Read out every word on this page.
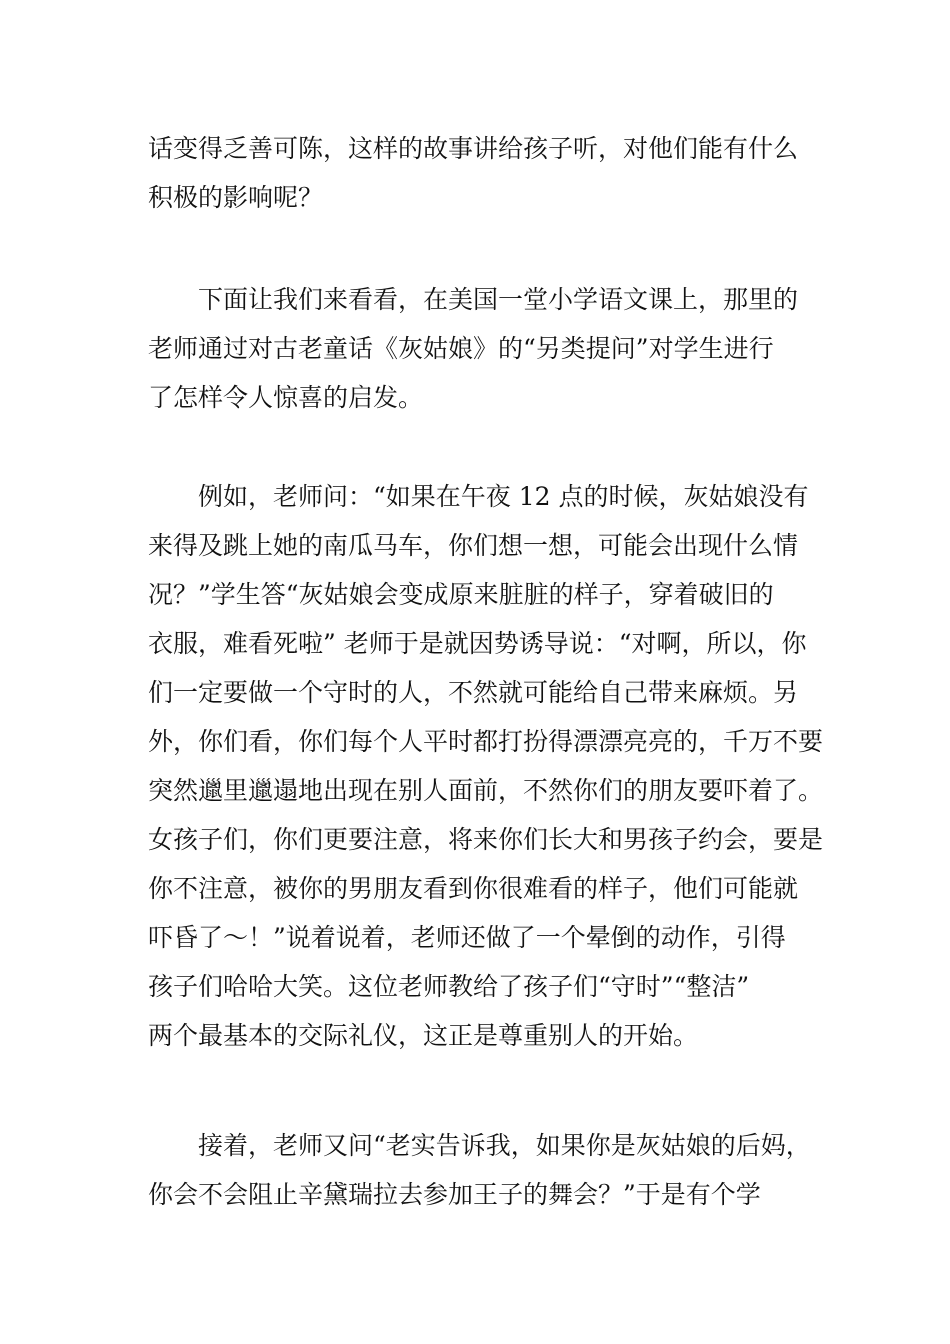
话变得乏善可陈，这样的故事讲给孩子听，对他们能有什么
积极的影响呢？
下面让我们来看看，在美国一堂小学语文课上，那里的
老师通过对古老童话《灰姑娘》的“另类提问”对学生进行
了怎样令人惊喜的启发。
例如，老师问：“如果在午夜 12 点的时候，灰姑娘没有
来得及跳上她的南瓜马车，你们想一想，可能会出现什么情
况？”学生答“灰姑娘会变成原来脏脏的样子，穿着破旧的
衣服，难看死啦” 老师于是就因势诱导说：“对啊，所以，你
们一定要做一个守时的人，不然就可能给自己带来麻烦。另
外，你们看，你们每个人平时都打扮得漂漂亮亮的，千万不要
突然邋里邋遢地出现在别人面前，不然你们的朋友要吓着了。
女孩子们，你们更要注意，将来你们长大和男孩子约会，要是
你不注意，被你的男朋友看到你很难看的样子，他们可能就
吓昏了～！”说着说着，老师还做了一个晕倒的动作，引得
孩子们哈哈大笑。这位老师教给了孩子们“守时”“整洁”
两个最基本的交际礼仪，这正是尊重别人的开始。
接着，老师又问“老实告诉我，如果你是灰姑娘的后妈，
你会不会阻止辛黛瑞拉去参加王子的舞会？”于是有个学
